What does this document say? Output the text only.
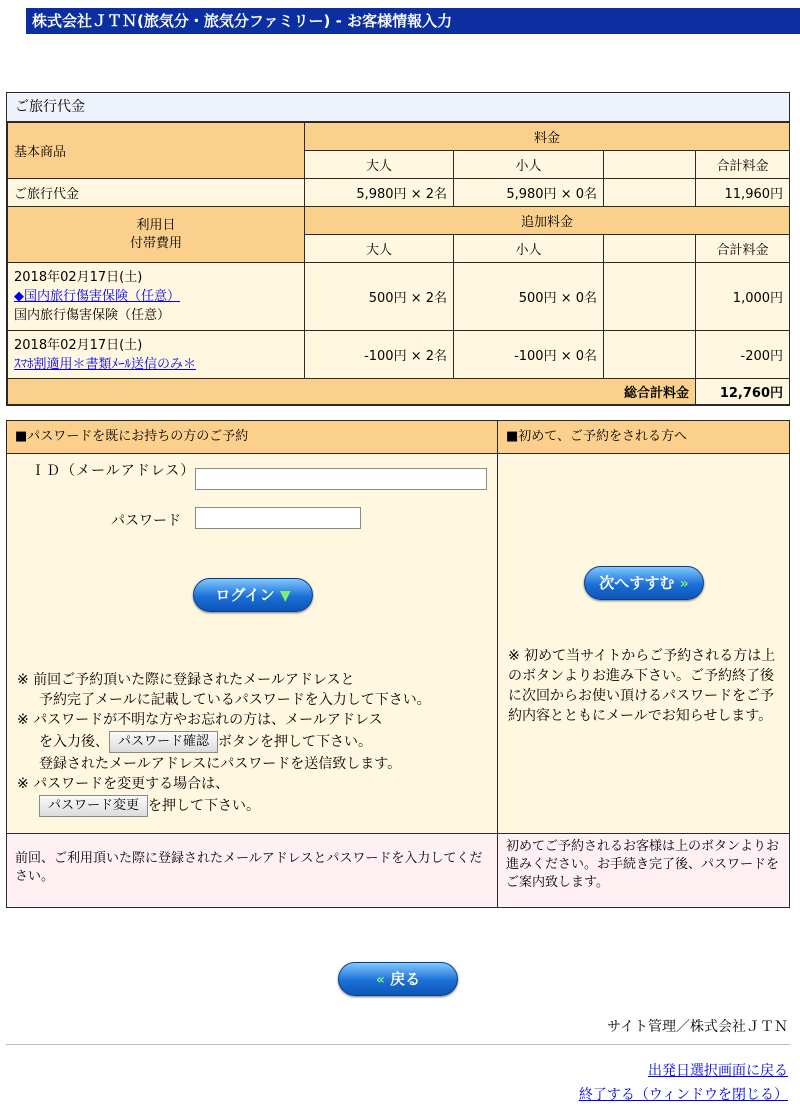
株式会社ＪＴＮ(旅気分・旅気分ファミリー) - お客様情報入力
ご旅行代金
基本商品	料金			
	大人	小人		合計料金
ご旅行代金	5,980円 × 2名	5,980円 × 0名		11,960円

利用日
付帯費用	追加料金			
	大人	小人		合計料金

2018年02月17日(土)
◆国内旅行傷害保険（任意）
国内旅行傷害保険（任意）	500円 × 2名	500円 × 0名		1,000円

2018年02月17日(土)
ｽﾏﾎ割適用＊書類ﾒｰﾙ送信のみ＊	-100円 × 2名	-100円 × 0名		-200円
総合計料金				12,760円
■パスワードを既にお持ちの方のご予約
ＩＤ（メールアドレス）
パスワード
ログイン ▼
※ 前回ご予約頂いた際に登録されたメールアドレスと
予約完了メールに記載しているパスワードを入力して下さい。
※ パスワードが不明な方やお忘れの方は、メールアドレス
を入力後、 パスワード確認 ボタンを押して下さい。
登録されたメールアドレスにパスワードを送信致します。
※ パスワードを変更する場合は、
パスワード変更 を押して下さい。
前回、ご利用頂いた際に登録されたメールアドレスとパスワードを入力してください。
■初めて、ご予約をされる方へ
次へすすむ »
※ 初めて当サイトからご予約される方は上のボタンよりお進み下さい。ご予約終了後に次回からお使い頂けるパスワードをご予約内容とともにメールでお知らせします。
初めてご予約されるお客様は上のボタンよりお進みください。お手続き完了後、パスワードをご案内致します。
« 戻る
サイト管理／株式会社ＪＴＮ
出発日選択画面に戻る
終了する（ウィンドウを閉じる）
